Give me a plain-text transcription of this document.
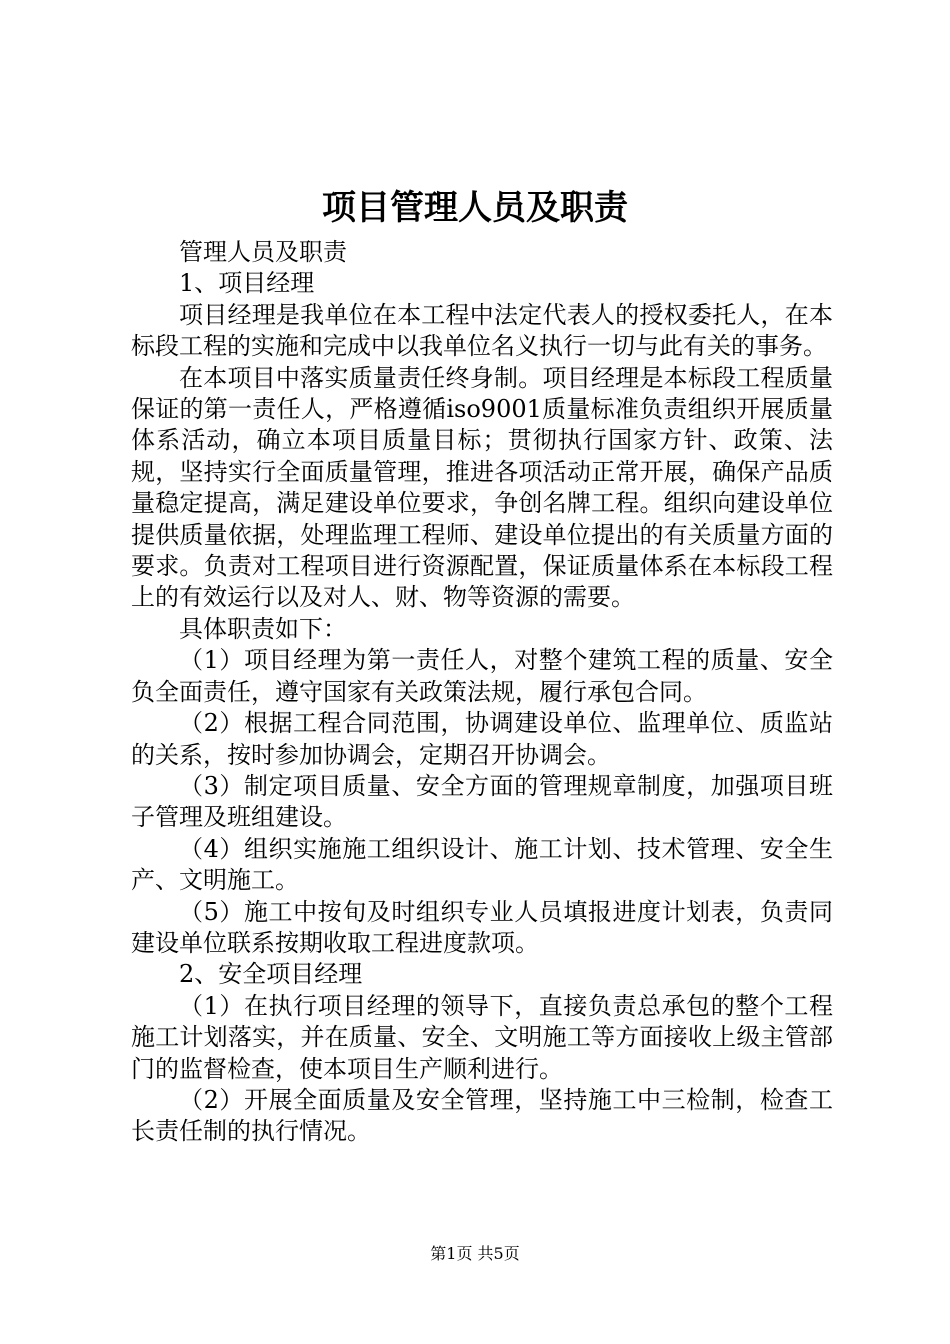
项目管理人员及职责

管理人员及职责

1、项目经理

项目经理是我单位在本工程中法定代表人的授权委托人，在本标段工程的实施和完成中以我单位名义执行一切与此有关的事务。

在本项目中落实质量责任终身制。项目经理是本标段工程质量保证的第一责任人，严格遵循iso9001质量标准负责组织开展质量体系活动，确立本项目质量目标；贯彻执行国家方针、政策、法规，坚持实行全面质量管理，推进各项活动正常开展，确保产品质量稳定提高，满足建设单位要求，争创名牌工程。组织向建设单位提供质量依据，处理监理工程师、建设单位提出的有关质量方面的要求。负责对工程项目进行资源配置，保证质量体系在本标段工程上的有效运行以及对人、财、物等资源的需要。

具体职责如下：

（1）项目经理为第一责任人，对整个建筑工程的质量、安全负全面责任，遵守国家有关政策法规，履行承包合同。

（2）根据工程合同范围，协调建设单位、监理单位、质监站的关系，按时参加协调会，定期召开协调会。

（3）制定项目质量、安全方面的管理规章制度，加强项目班子管理及班组建设。

（4）组织实施施工组织设计、施工计划、技术管理、安全生产、文明施工。

（5）施工中按旬及时组织专业人员填报进度计划表，负责同建设单位联系按期收取工程进度款项。

2、安全项目经理

（1）在执行项目经理的领导下，直接负责总承包的整个工程施工计划落实，并在质量、安全、文明施工等方面接收上级主管部门的监督检查，使本项目生产顺利进行。

（2）开展全面质量及安全管理，坚持施工中三检制，检查工长责任制的执行情况。

第1页 共5页
